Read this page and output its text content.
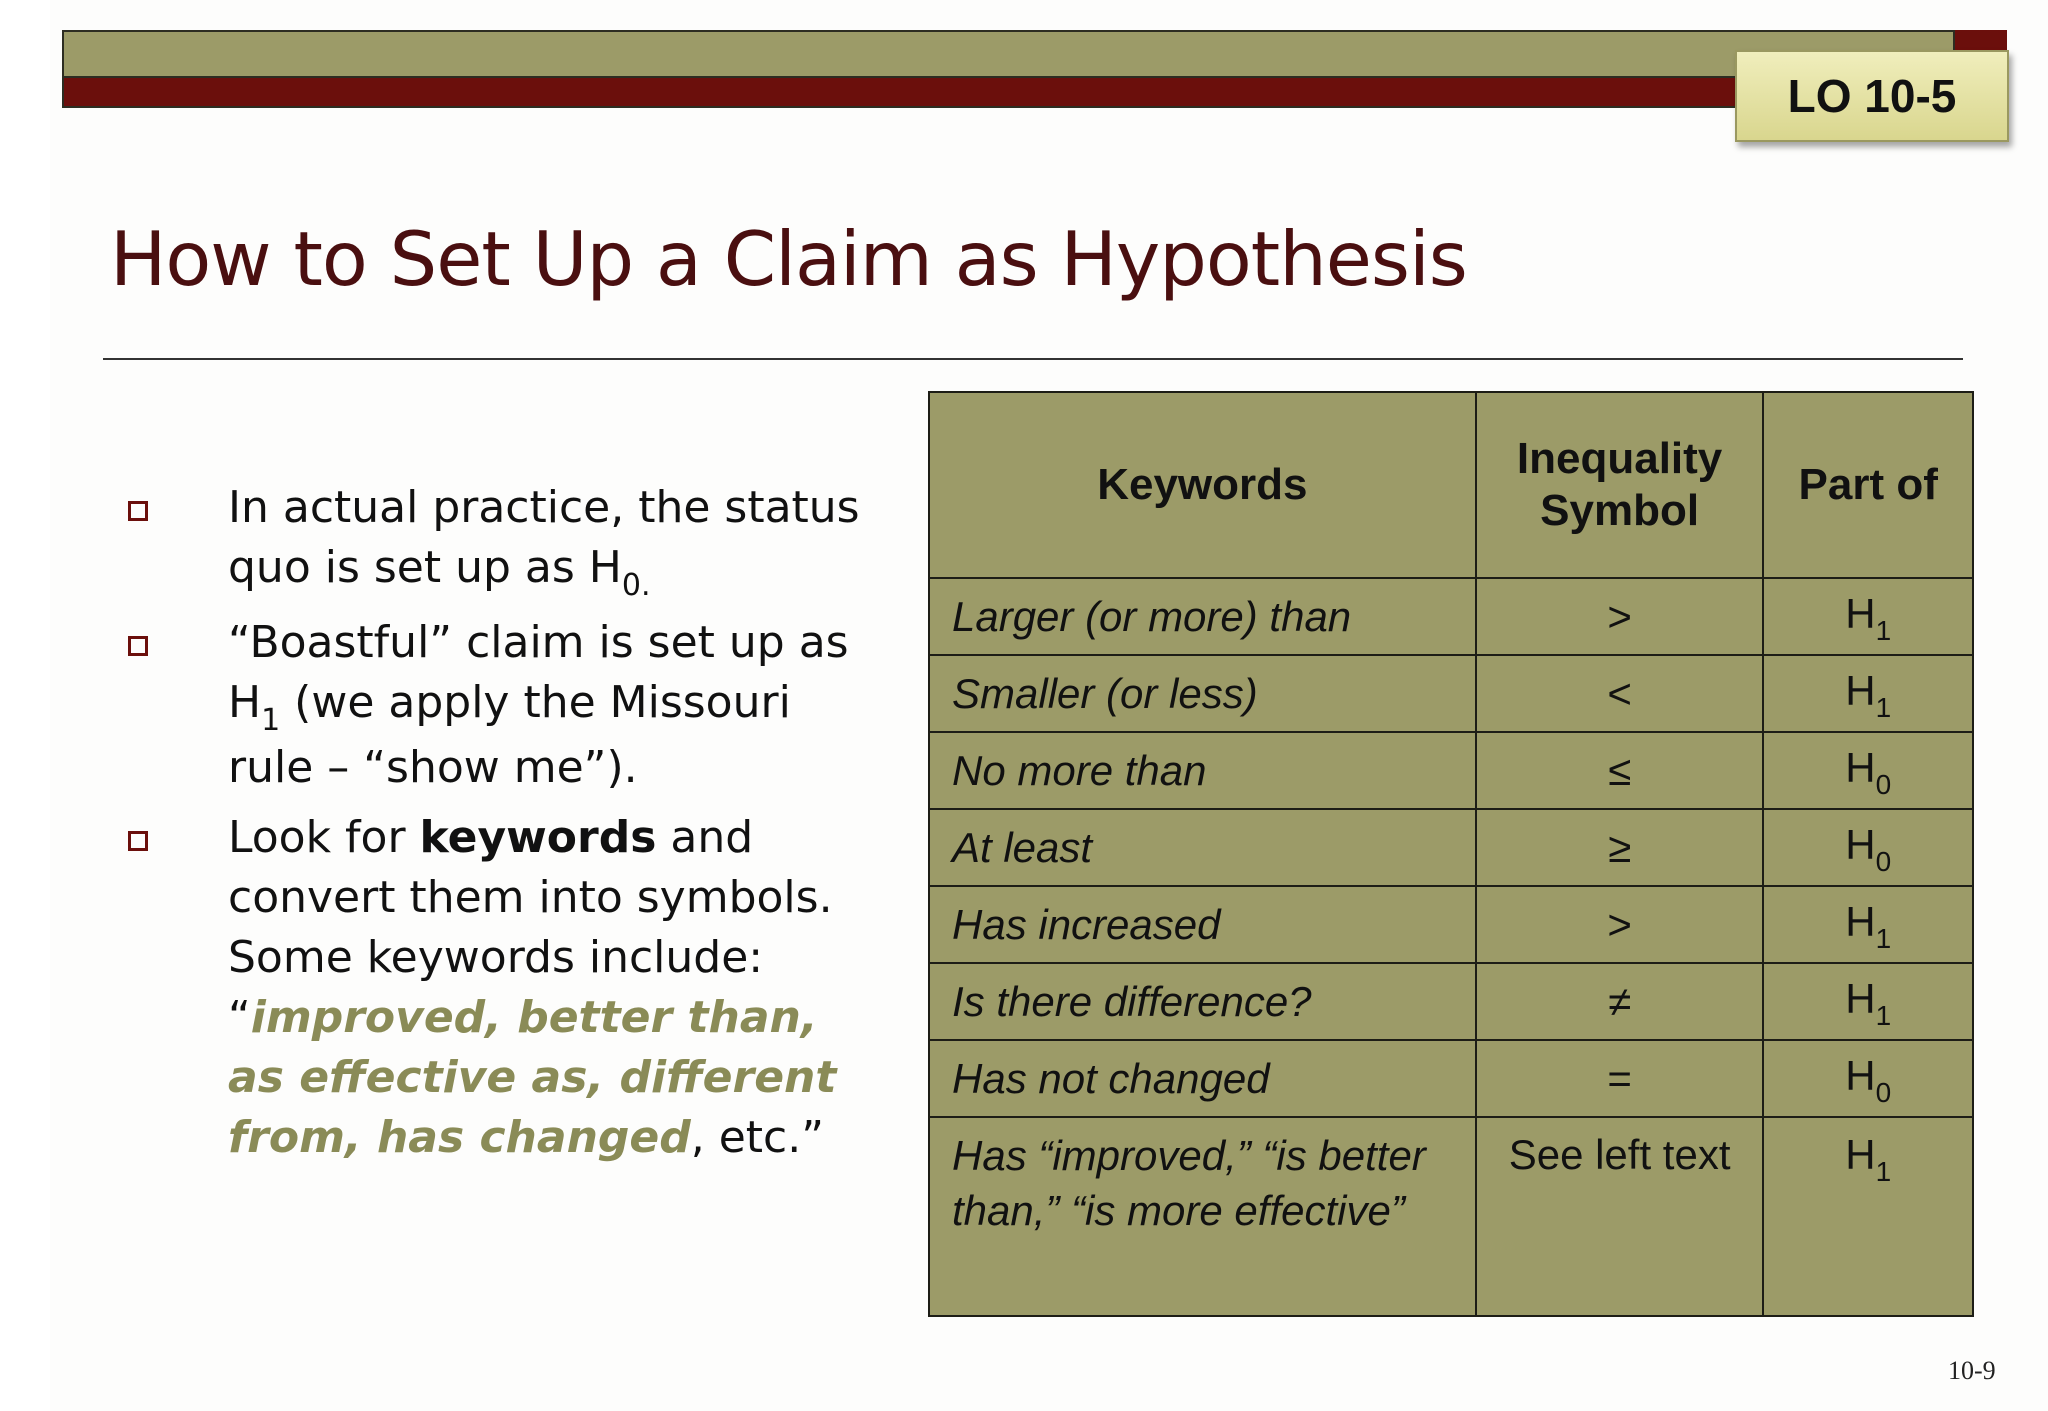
LO 10-5
How to Set Up a Claim as Hypothesis
In actual practice, the status quo is set up as $H_{0.}$
“Boastful” claim is set up as $H_1$ (we apply the Missouri rule – “show me”).
Look for keywords and convert them into symbols. Some keywords include: “improved, better than, as effective as, different from, has changed, etc.”
Keywords	Inequality Symbol	Part of
Larger (or more) than	>	$H_1$
Smaller (or less)	<	$H_1$
No more than	≤	$H_0$
At least	≥	$H_0$
Has increased	>	$H_1$
Is there difference?	≠	$H_1$
Has not changed	=	$H_0$
Has “improved,” “is better than,” “is more effective”	See left text	$H_1$
10-9
